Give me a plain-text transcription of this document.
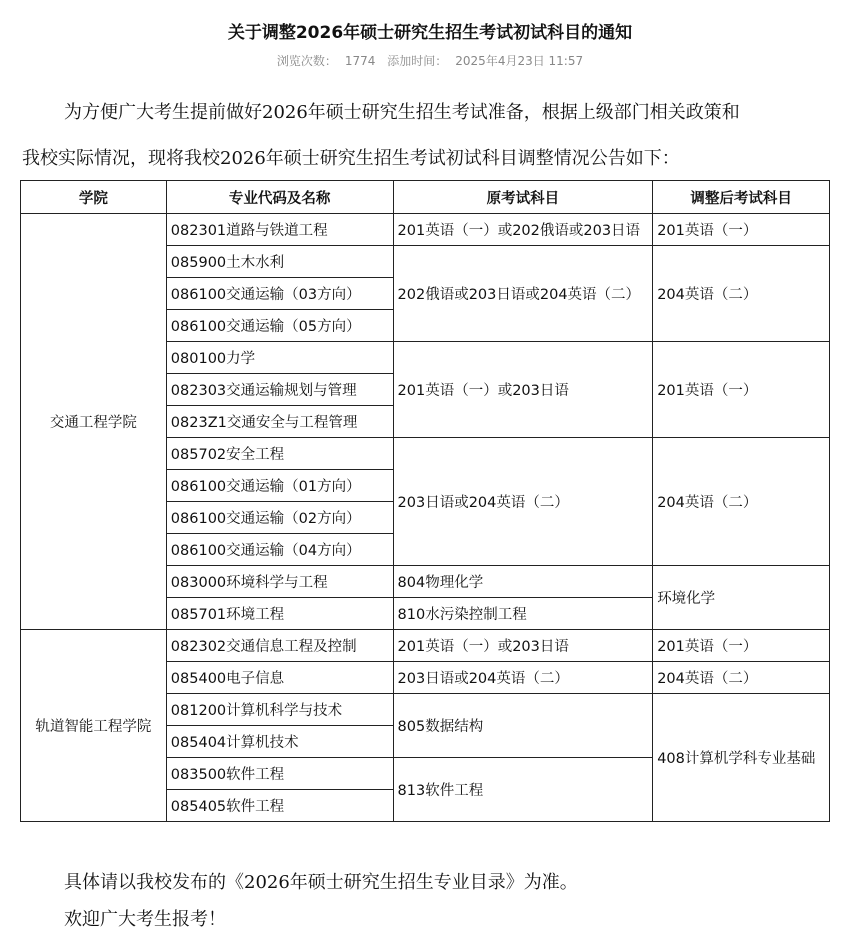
关于调整2026年硕士研究生招生考试初试科目的通知
浏览次数： 1774 添加时间： 2025年4月23日 11:57
为方便广大考生提前做好2026年硕士研究生招生考试准备，根据上级部门相关政策和
我校实际情况，现将我校2026年硕士研究生招生考试初试科目调整情况公告如下：
学院	专业代码及名称	原考试科目	调整后考试科目
交通工程学院	082301道路与铁道工程	201英语（一）或202俄语或203日语	201英语（一）
	085900土木水利	202俄语或203日语或204英语（二）	204英语（二）
	086100交通运输（03方向）		
	086100交通运输（05方向）		
	080100力学	201英语（一）或203日语	201英语（一）
	082303交通运输规划与管理		
	0823Z1交通安全与工程管理		
	085702安全工程	203日语或204英语（二）	204英语（二）
	086100交通运输（01方向）		
	086100交通运输（02方向）		
	086100交通运输（04方向）		
	083000环境科学与工程	804物理化学	环境化学
	085701环境工程	810水污染控制工程	
轨道智能工程学院	082302交通信息工程及控制	201英语（一）或203日语	201英语（一）
	085400电子信息	203日语或204英语（二）	204英语（二）
	081200计算机科学与技术	805数据结构	408计算机学科专业基础
	085404计算机技术		
	083500软件工程	813软件工程	
	085405软件工程		
具体请以我校发布的《2026年硕士研究生招生专业目录》为准。
欢迎广大考生报考！
